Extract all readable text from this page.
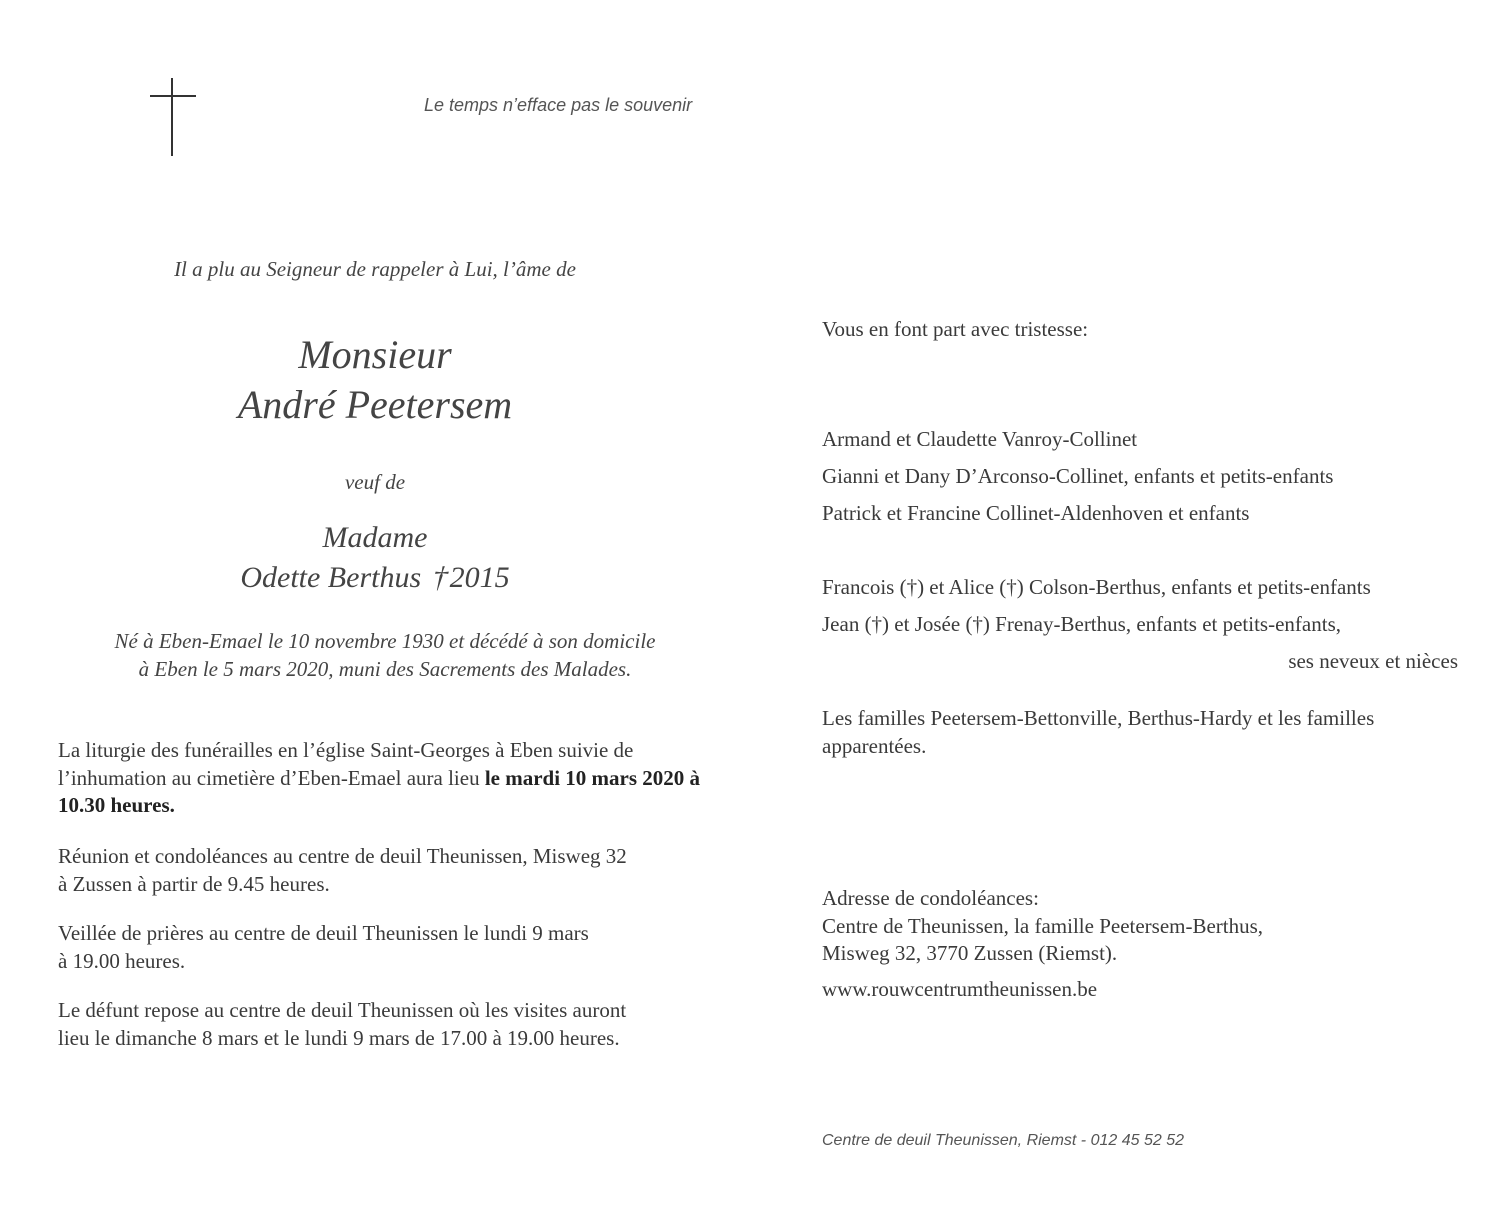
Le temps n’efface pas le souvenir
Il a plu au Seigneur de rappeler à Lui, l’âme de
Monsieur
André Peetersem
veuf de
Madame
Odette Berthus †2015
Né à Eben-Emael le 10 novembre 1930 et décédé à son domicile
à Eben le 5 mars 2020, muni des Sacrements des Malades.
La liturgie des funérailles en l’église Saint-Georges à Eben suivie de l’inhumation au cimetière d’Eben-Emael aura lieu le mardi 10 mars 2020 à 10.30 heures.
Réunion et condoléances au centre de deuil Theunissen, Misweg 32
à Zussen à partir de 9.45 heures.
Veillée de prières au centre de deuil Theunissen le lundi 9 mars
à 19.00 heures.
Le défunt repose au centre de deuil Theunissen où les visites auront
lieu le dimanche 8 mars et le lundi 9 mars de 17.00 à 19.00 heures.
Vous en font part avec tristesse:
Armand et Claudette Vanroy-Collinet
Gianni et Dany D’Arconso-Collinet, enfants et petits-enfants
Patrick et Francine Collinet-Aldenhoven et enfants
Francois (†) et Alice (†) Colson-Berthus, enfants et petits-enfants
Jean (†) et Josée (†) Frenay-Berthus, enfants et petits-enfants,
ses neveux et nièces
Les familles Peetersem-Bettonville, Berthus-Hardy et les familles apparentées.
Adresse de condoléances:
Centre de Theunissen, la famille Peetersem-Berthus,
Misweg 32, 3770 Zussen (Riemst).
www.rouwcentrumtheunissen.be
Centre de deuil Theunissen, Riemst - 012 45 52 52
